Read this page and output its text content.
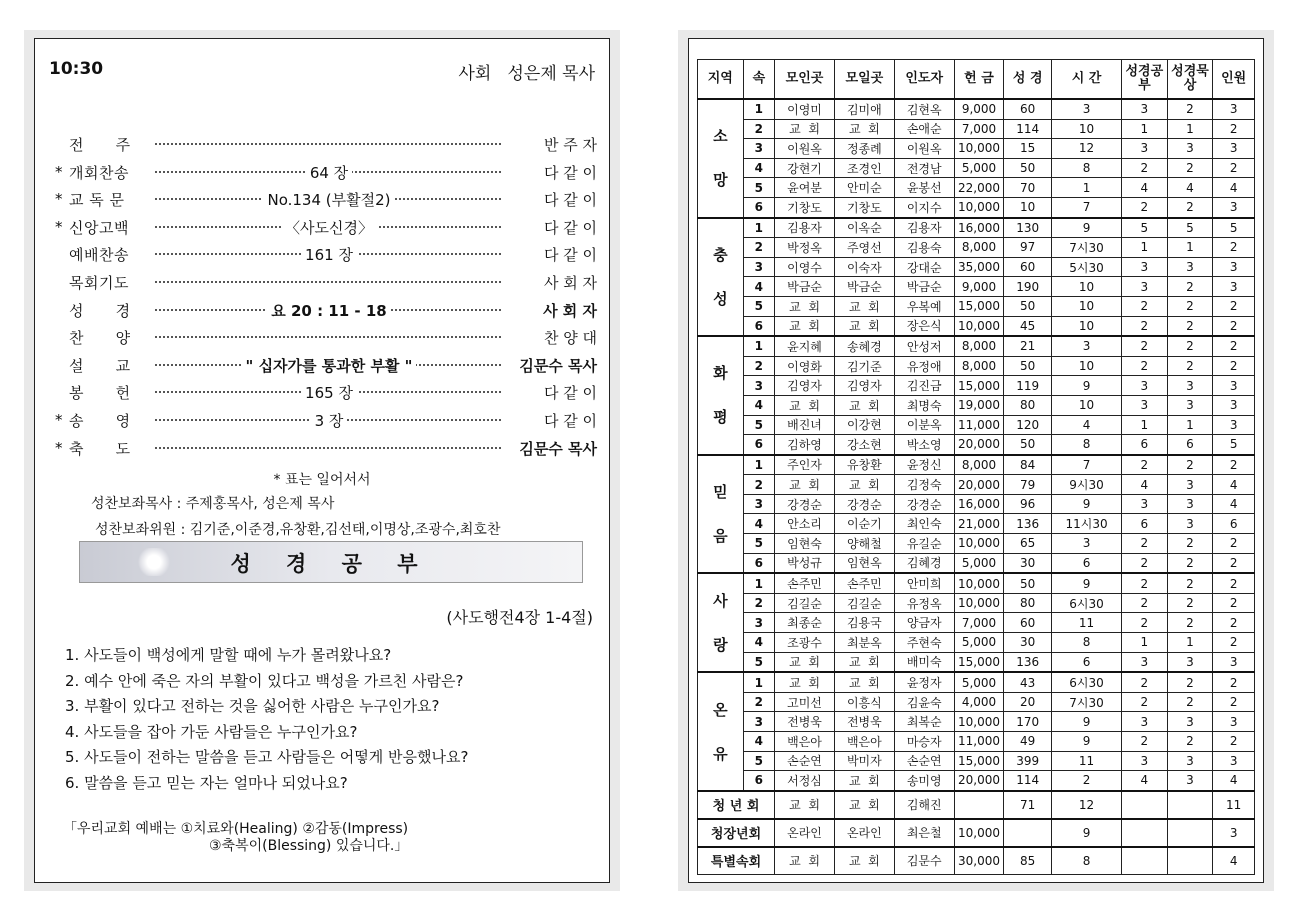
10:30	사회   성은제 목사
전      주	반 주 자
* 개회찬송	64 장	다 같 이
* 교 독 문	No.134 (부활절2)	다 같 이
* 신앙고백	〈사도신경〉	다 같 이
예배찬송	161 장	다 같 이
목회기도	사 회 자
성      경	요 20 : 11 - 18	사 회 자
찬      양	찬 양 대
설      교	" 십자가를 통과한 부활 "	김문수 목사
봉      헌	165 장	다 같 이
* 송      영	3 장	다 같 이
* 축      도	김문수 목사
* 표는 일어서서
성찬보좌목사 : 주제홍목사, 성은제 목사
성찬보좌위원 : 김기준,이준경,유창환,김선태,이명상,조광수,최호찬
성 경 공 부
(사도행전4장 1-4절)
1. 사도들이 백성에게 말할 때에 누가 몰려왔나요?
2. 예수 안에 죽은 자의 부활이 있다고 백성을 가르친 사람은?
3. 부활이 있다고 전하는 것을 싫어한 사람은 누구인가요?
4. 사도들을 잡아 가둔 사람들은 누구인가요?
5. 사도들이 전하는 말씀을 듣고 사람들은 어떻게 반응했나요?
6. 말씀을 듣고 믿는 자는 얼마나 되었나요?
「우리교회 예배는 ①치료와(Healing) ②감동(Impress)
③축복이(Blessing) 있습니다.」
지역	속	모인곳	모일곳	인도자	헌 금	성 경	시 간	성경공부	성경묵상	인원

소
망	1	이영미	김미애	김현옥	9,000	60	3	3	2	3
	2	교  회	교  회	손애순	7,000	114	10	1	1	2
	3	이원옥	정종례	이원옥	10,000	15	12	3	3	3
	4	강현기	조경인	전경남	5,000	50	8	2	2	2
	5	윤여분	안미순	윤봉선	22,000	70	1	4	4	4
	6	기창도	기창도	이지수	10,000	10	7	2	2	3

충
성	1	김용자	이옥순	김용자	16,000	130	9	5	5	5
	2	박정옥	주영선	김용숙	8,000	97	7시30	1	1	2
	3	이영수	이숙자	강대순	35,000	60	5시30	3	3	3
	4	박금순	박금순	박금순	9,000	190	10	3	2	3
	5	교  회	교  회	우복예	15,000	50	10	2	2	2
	6	교  회	교  회	장은식	10,000	45	10	2	2	2

화
평	1	윤지혜	송혜경	안성저	8,000	21	3	2	2	2
	2	이영화	김기준	유정애	8,000	50	10	2	2	2
	3	김영자	김영자	김진금	15,000	119	9	3	3	3
	4	교  회	교  회	최명숙	19,000	80	10	3	3	3
	5	배진녀	이강현	이분옥	11,000	120	4	1	1	3
	6	김하영	강소현	박소영	20,000	50	8	6	6	5

믿
음	1	주인자	유창환	윤정신	8,000	84	7	2	2	2
	2	교  회	교  회	김정숙	20,000	79	9시30	4	3	4
	3	강경순	강경순	강경순	16,000	96	9	3	3	4
	4	안소리	이순기	최인숙	21,000	136	11시30	6	3	6
	5	임현숙	양해철	유길순	10,000	65	3	2	2	2
	6	박성규	임현옥	김혜경	5,000	30	6	2	2	2

사
랑	1	손주민	손주민	안미희	10,000	50	9	2	2	2
	2	김길순	김길순	유정옥	10,000	80	6시30	2	2	2
	3	최종순	김용국	양금자	7,000	60	11	2	2	2
	4	조광수	최분옥	주현숙	5,000	30	8	1	1	2
	5	교  회	교  회	배미숙	15,000	136	6	3	3	3

온
유	1	교  회	교  회	윤정자	5,000	43	6시30	2	2	2
	2	고미선	이흥식	김윤숙	4,000	20	7시30	2	2	2
	3	전병욱	전병욱	최복순	10,000	170	9	3	3	3
	4	백은아	백은아	마승자	11,000	49	9	2	2	2
	5	손순연	박미자	손순연	15,000	399	11	3	3	3
	6	서정심	교  회	송미영	20,000	114	2	4	3	4
청 년 회		교  회	교  회	김해진		71	12			11
청장년회		온라인	온라인	최은철	10,000		9			3
특별속회		교  회	교  회	김문수	30,000	85	8			4
